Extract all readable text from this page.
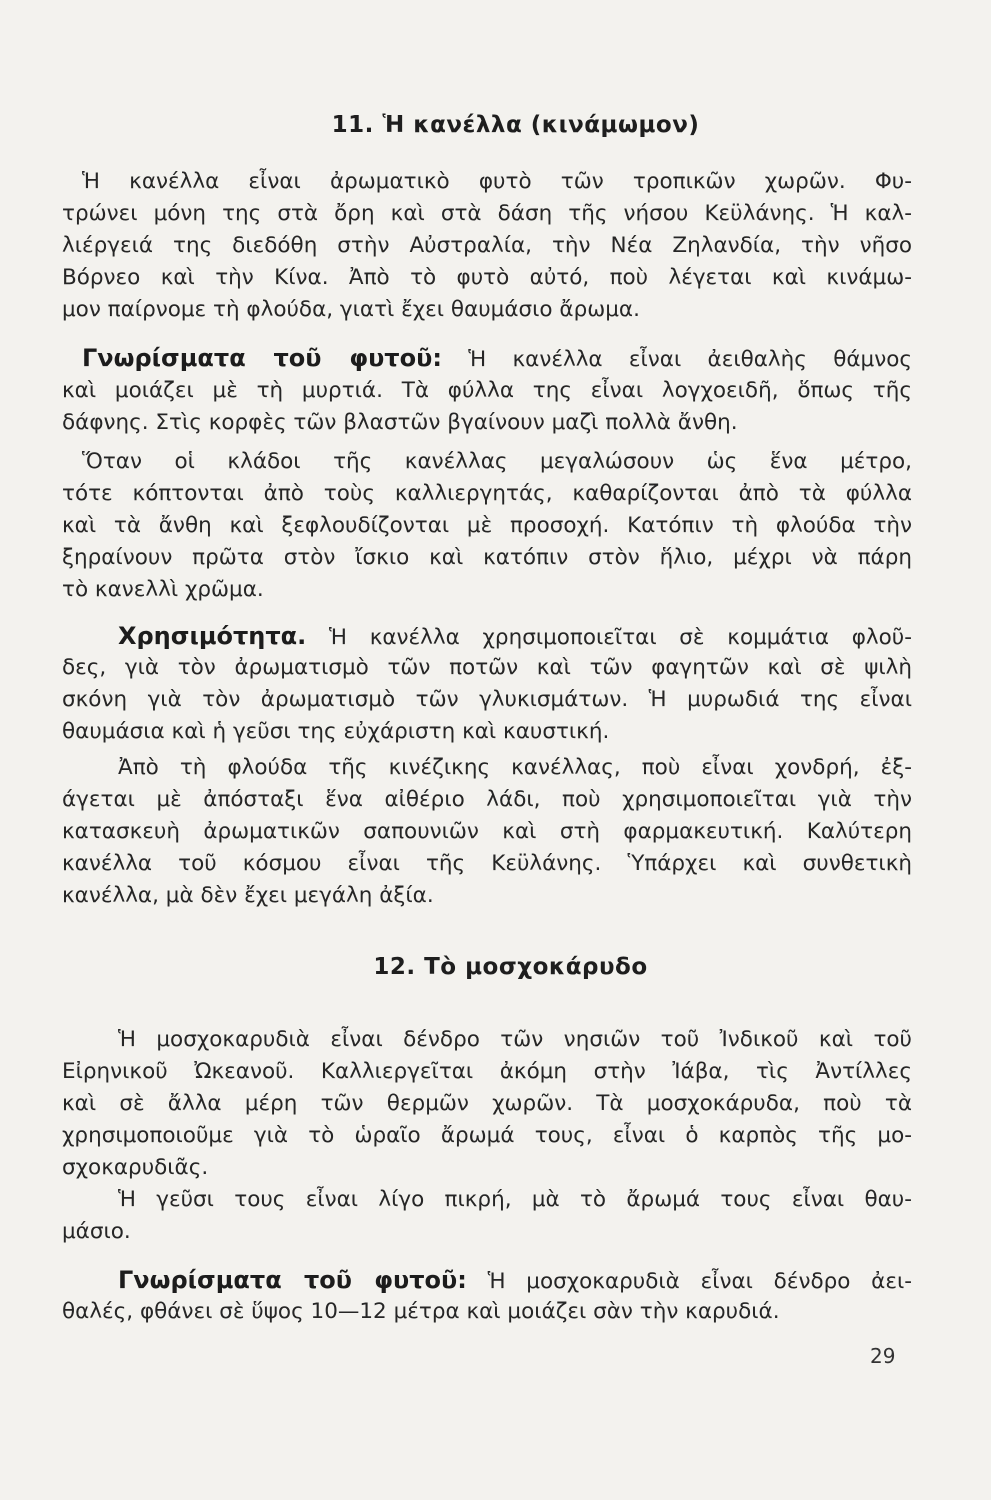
11. Ἡ κανέλλα (κινάμωμον)
Ἡ κανέλλα εἶναι ἀρωματικὸ φυτὸ τῶν τροπικῶν χωρῶν. Φυ-
τρώνει μόνη της στὰ ὄρη καὶ στὰ δάση τῆς νήσου Κεϋλάνης. Ἡ καλ-
λιέργειά της διεδόθη στὴν Αὐστραλία, τὴν Νέα Ζηλανδία, τὴν νῆσο
Βόρνεο καὶ τὴν Κίνα. Ἀπὸ τὸ φυτὸ αὐτό, ποὺ λέγεται καὶ κινάμω-
μον παίρνομε τὴ φλούδα, γιατὶ ἔχει θαυμάσιο ἄρωμα.
Γνωρίσματα τοῦ φυτοῦ: Ἡ κανέλλα εἶναι ἀειθαλὴς θάμνος
καὶ μοιάζει μὲ τὴ μυρτιά. Τὰ φύλλα της εἶναι λογχοειδῆ, ὅπως τῆς
δάφνης. Στὶς κορφὲς τῶν βλαστῶν βγαίνουν μαζὶ πολλὰ ἄνθη.
Ὅταν οἱ κλάδοι τῆς κανέλλας μεγαλώσουν ὡς ἕνα μέτρο,
τότε κόπτονται ἀπὸ τοὺς καλλιεργητάς, καθαρίζονται ἀπὸ τὰ φύλλα
καὶ τὰ ἄνθη καὶ ξεφλουδίζονται μὲ προσοχή. Κατόπιν τὴ φλούδα τὴν
ξηραίνουν πρῶτα στὸν ἴσκιο καὶ κατόπιν στὸν ἥλιο, μέχρι νὰ πάρη
τὸ κανελλὶ χρῶμα.
Χρησιμότητα. Ἡ κανέλλα χρησιμοποιεῖται σὲ κομμάτια φλοῦ-
δες, γιὰ τὸν ἀρωματισμὸ τῶν ποτῶν καὶ τῶν φαγητῶν καὶ σὲ ψιλὴ
σκόνη γιὰ τὸν ἀρωματισμὸ τῶν γλυκισμάτων. Ἡ μυρωδιά της εἶναι
θαυμάσια καὶ ἡ γεῦσι της εὐχάριστη καὶ καυστική.
Ἀπὸ τὴ φλούδα τῆς κινέζικης κανέλλας, ποὺ εἶναι χονδρή, ἐξ-
άγεται μὲ ἀπόσταξι ἕνα αἰθέριο λάδι, ποὺ χρησιμοποιεῖται γιὰ τὴν
κατασκευὴ ἀρωματικῶν σαπουνιῶν καὶ στὴ φαρμακευτική. Καλύτερη
κανέλλα τοῦ κόσμου εἶναι τῆς Κεϋλάνης. Ὑπάρχει καὶ συνθετικὴ
κανέλλα, μὰ δὲν ἔχει μεγάλη ἀξία.
12. Τὸ μοσχοκάρυδο
Ἡ μοσχοκαρυδιὰ εἶναι δένδρο τῶν νησιῶν τοῦ Ἰνδικοῦ καὶ τοῦ
Εἰρηνικοῦ Ὠκεανοῦ. Καλλιεργεῖται ἀκόμη στὴν Ἰάβα, τὶς Ἀντίλλες
καὶ σὲ ἄλλα μέρη τῶν θερμῶν χωρῶν. Τὰ μοσχοκάρυδα, ποὺ τὰ
χρησιμοποιοῦμε γιὰ τὸ ὡραῖο ἄρωμά τους, εἶναι ὁ καρπὸς τῆς μο-
σχοκαρυδιᾶς.
Ἡ γεῦσι τους εἶναι λίγο πικρή, μὰ τὸ ἄρωμά τους εἶναι θαυ-
μάσιο.
Γνωρίσματα τοῦ φυτοῦ: Ἡ μοσχοκαρυδιὰ εἶναι δένδρο ἀει-
θαλές, φθάνει σὲ ὕψος 10—12 μέτρα καὶ μοιάζει σὰν τὴν καρυδιά.
29
